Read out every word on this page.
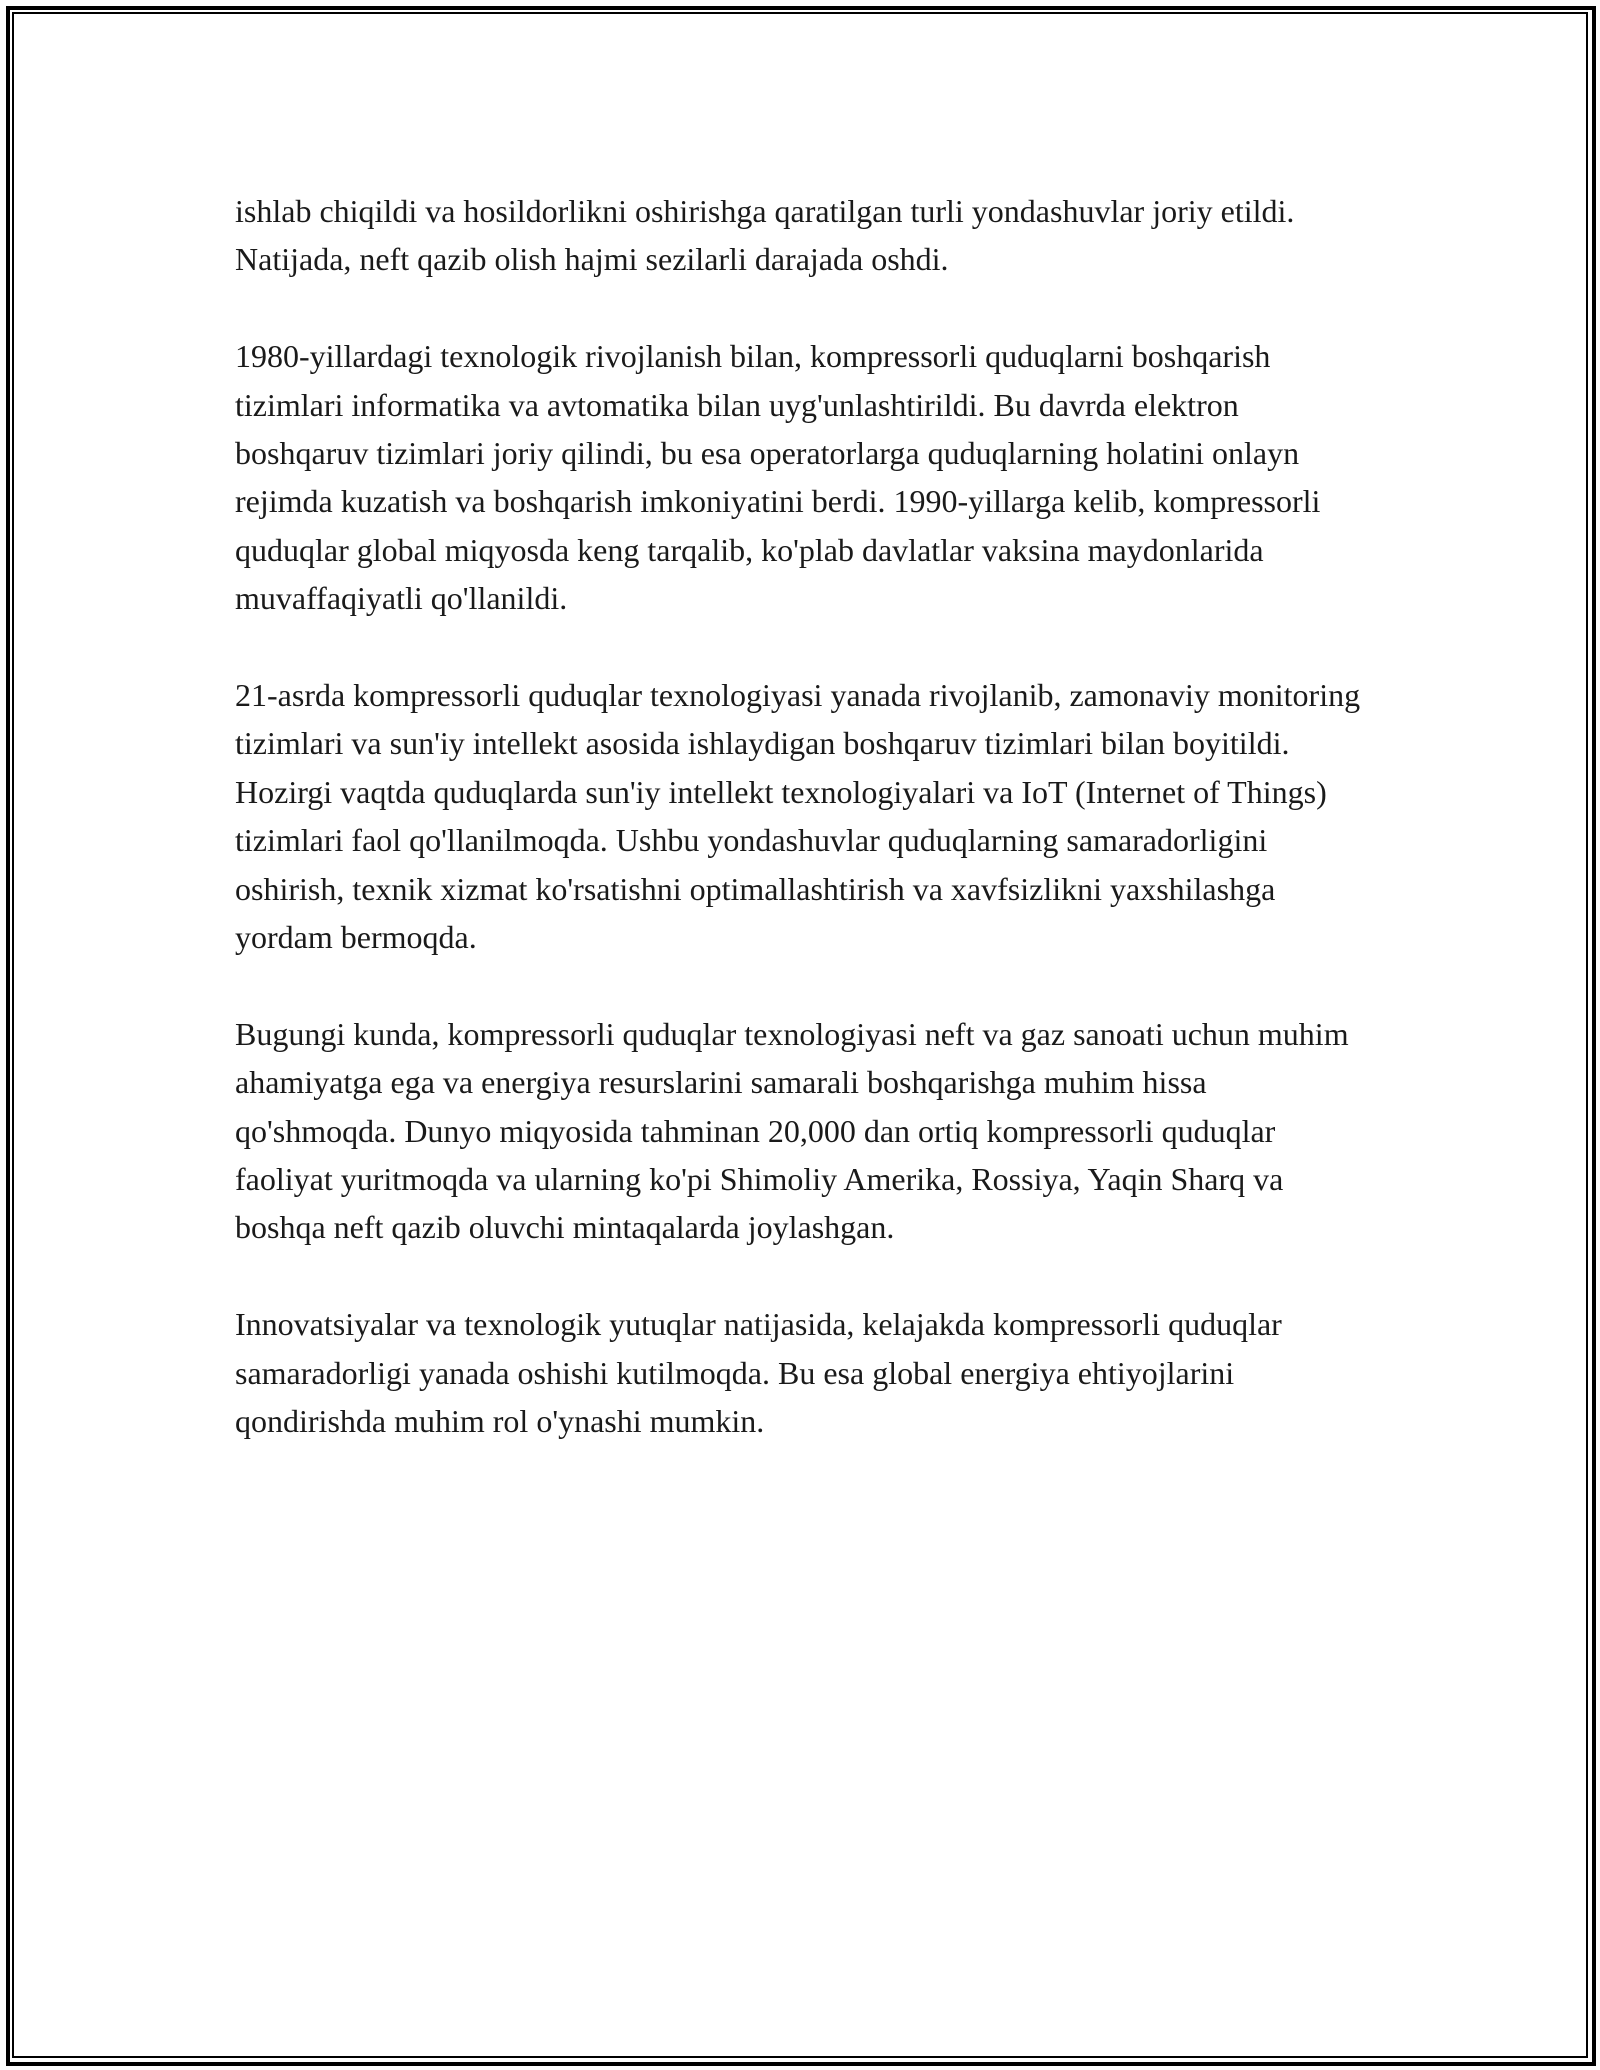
ishlab chiqildi va hosildorlikni oshirishga qaratilgan turli yondashuvlar joriy etildi. Natijada, neft qazib olish hajmi sezilarli darajada oshdi.

1980-yillardagi texnologik rivojlanish bilan, kompressorli quduqlarni boshqarish tizimlari informatika va avtomatika bilan uyg'unlashtirildi. Bu davrda elektron boshqaruv tizimlari joriy qilindi, bu esa operatorlarga quduqlarning holatini onlayn rejimda kuzatish va boshqarish imkoniyatini berdi. 1990-yillarga kelib, kompressorli quduqlar global miqyosda keng tarqalib, ko'plab davlatlar vaksina maydonlarida muvaffaqiyatli qo'llanildi.

21-asrda kompressorli quduqlar texnologiyasi yanada rivojlanib, zamonaviy monitoring tizimlari va sun'iy intellekt asosida ishlaydigan boshqaruv tizimlari bilan boyitildi. Hozirgi vaqtda quduqlarda sun'iy intellekt texnologiyalari va IoT (Internet of Things) tizimlari faol qo'llanilmoqda. Ushbu yondashuvlar quduqlarning samaradorligini oshirish, texnik xizmat ko'rsatishni optimallashtirish va xavfsizlikni yaxshilashga yordam bermoqda.

Bugungi kunda, kompressorli quduqlar texnologiyasi neft va gaz sanoati uchun muhim ahamiyatga ega va energiya resurslarini samarali boshqarishga muhim hissa qo'shmoqda. Dunyo miqyosida tahminan 20,000 dan ortiq kompressorli quduqlar faoliyat yuritmoqda va ularning ko'pi Shimoliy Amerika, Rossiya, Yaqin Sharq va boshqa neft qazib oluvchi mintaqalarda joylashgan.

Innovatsiyalar va texnologik yutuqlar natijasida, kelajakda kompressorli quduqlar samaradorligi yanada oshishi kutilmoqda. Bu esa global energiya ehtiyojlarini qondirishda muhim rol o'ynashi mumkin.
